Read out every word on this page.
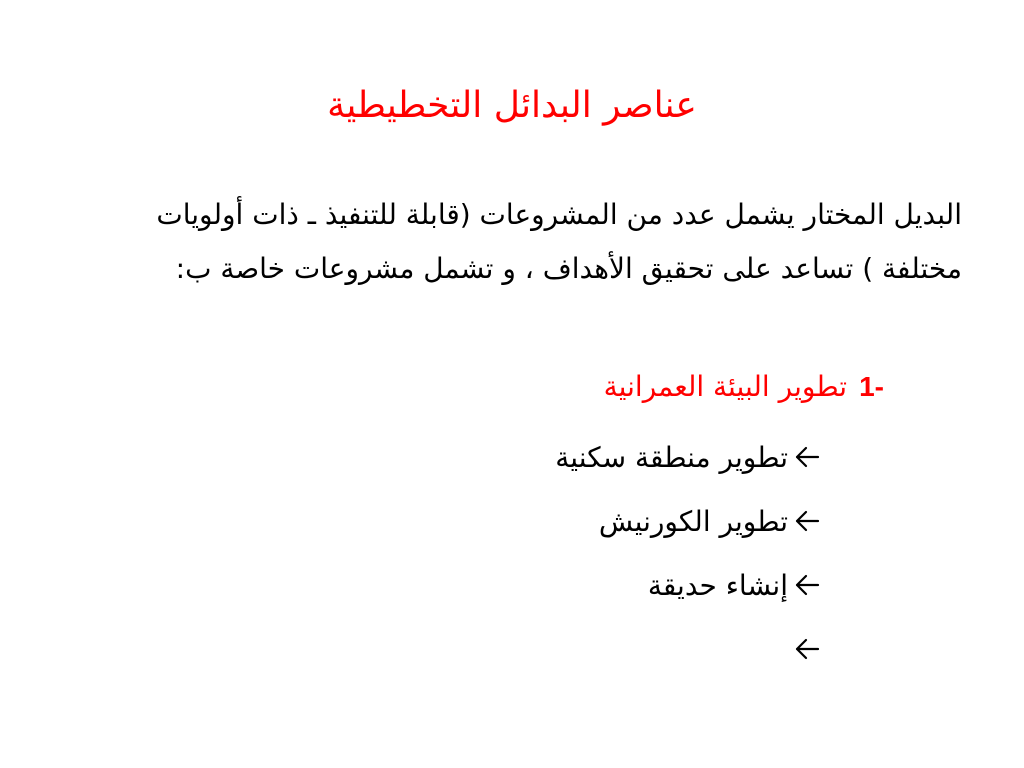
عناصر البدائل التخطيطية

البديل المختار يشمل عدد من المشروعات (قابلة للتنفيذ ـ ذات أولويات مختلفة ) تساعد على تحقيق الأهداف ، و تشمل مشروعات خاصة ب:

1-
تطوير البيئة العمرانية
تطوير منطقة سكنية
تطوير الكورنيش
إنشاء حديقة
